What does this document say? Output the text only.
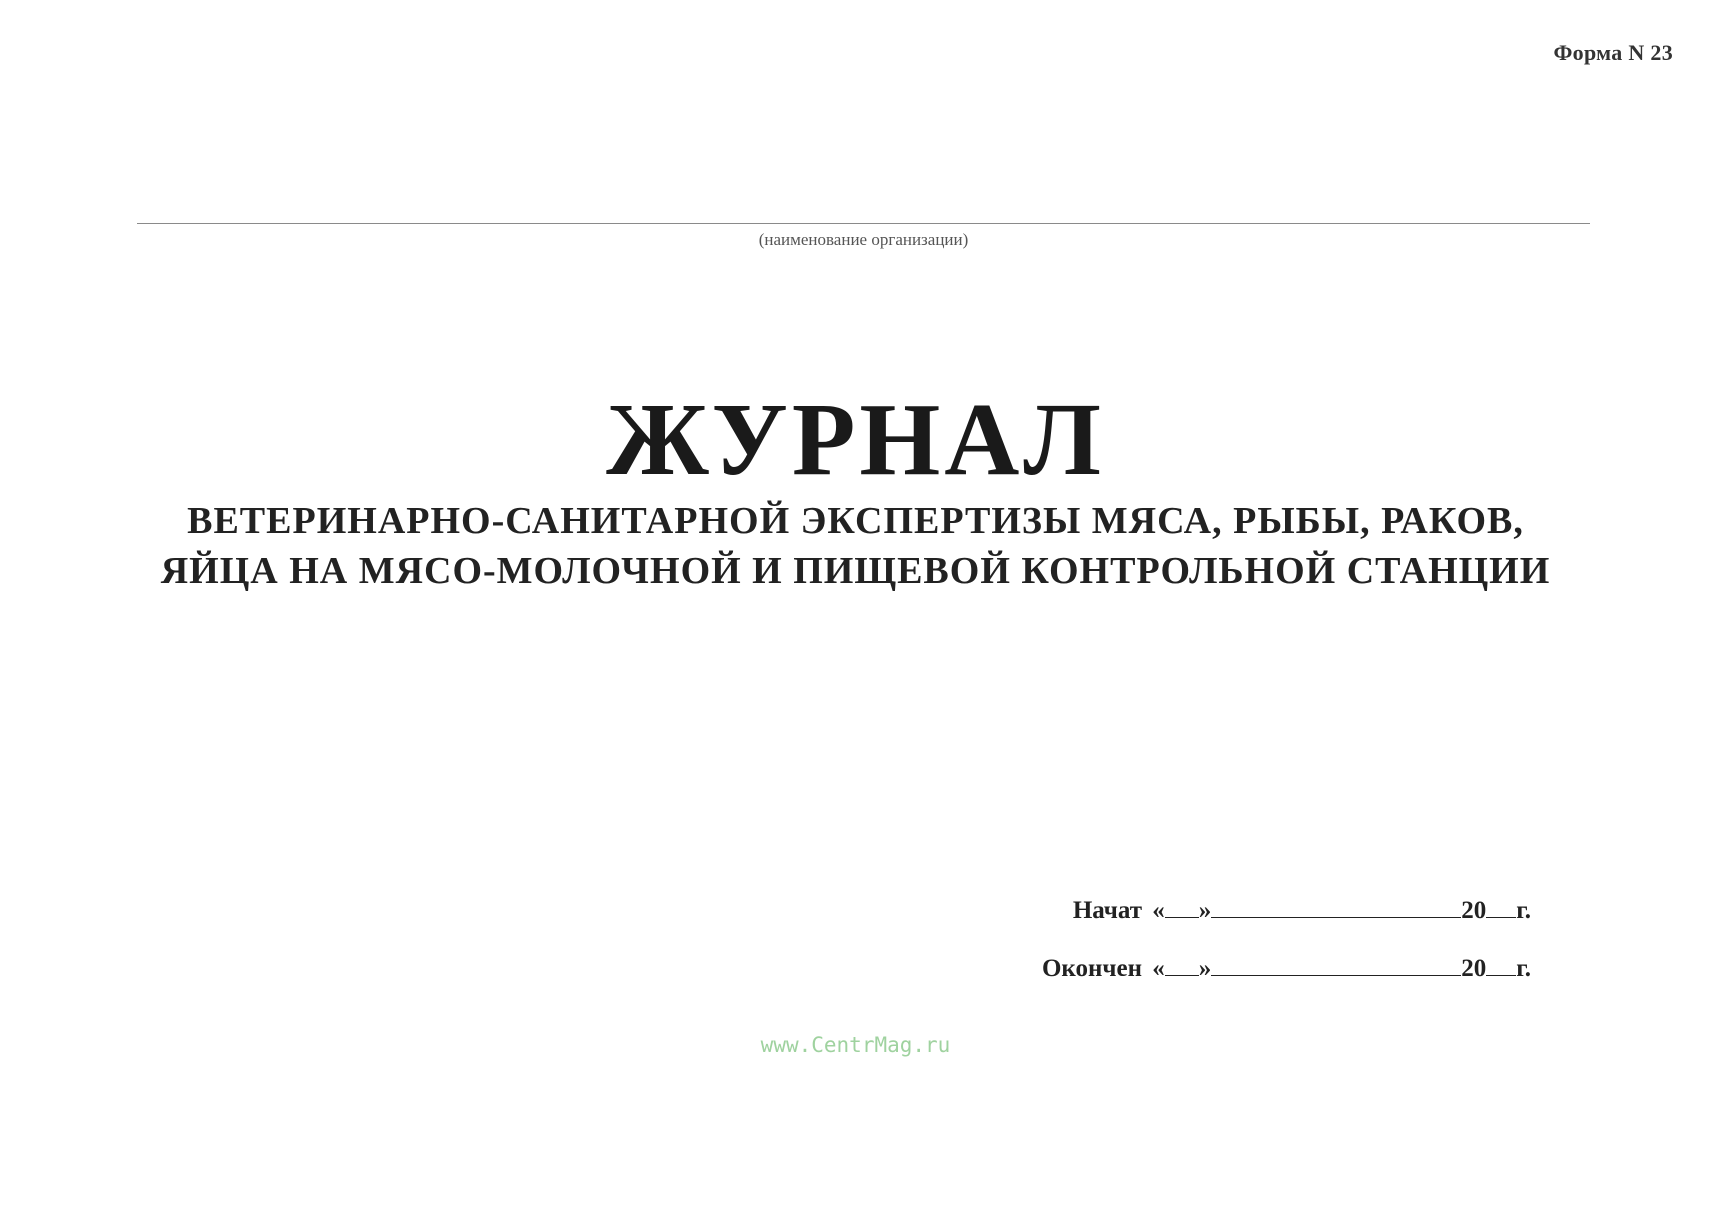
Форма N 23
(наименование организации)
ЖУРНАЛ
ВЕТЕРИНАРНО-САНИТАРНОЙ ЭКСПЕРТИЗЫ МЯСА, РЫБЫ, РАКОВ,
ЯЙЦА НА МЯСО-МОЛОЧНОЙ И ПИЩЕВОЙ КОНТРОЛЬНОЙ СТАНЦИИ
Начат « »	20 г.
Окончен « »	20 г.
www.CentrMag.ru
